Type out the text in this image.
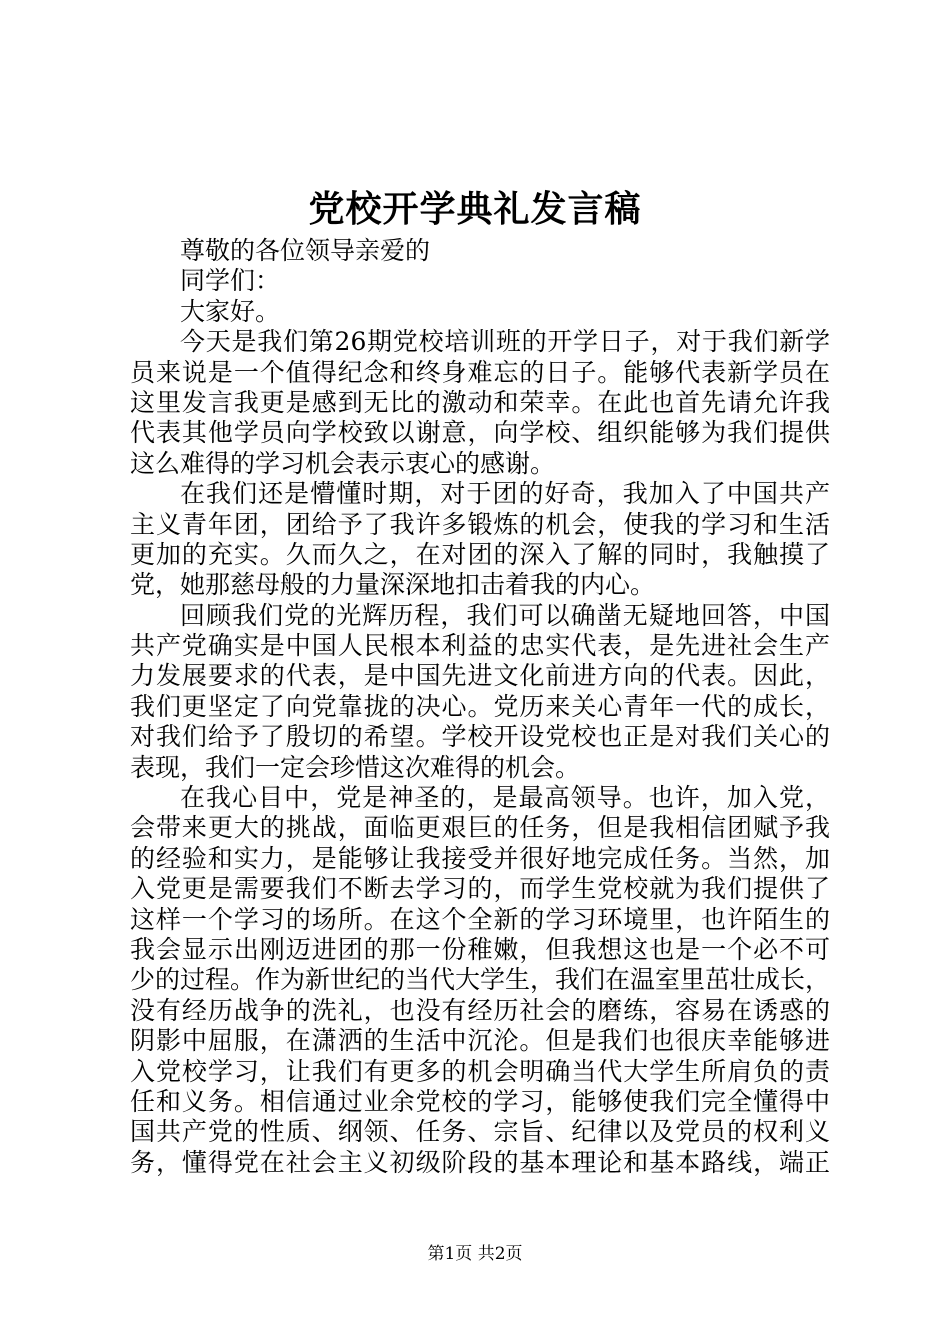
党校开学典礼发言稿
尊敬的各位领导亲爱的
同学们：
大家好。
今天是我们第26期党校培训班的开学日子，对于我们新学
员来说是一个值得纪念和终身难忘的日子。能够代表新学员在
这里发言我更是感到无比的激动和荣幸。在此也首先请允许我
代表其他学员向学校致以谢意，向学校、组织能够为我们提供
这么难得的学习机会表示衷心的感谢。
在我们还是懵懂时期，对于团的好奇，我加入了中国共产
主义青年团，团给予了我许多锻炼的机会，使我的学习和生活
更加的充实。久而久之，在对团的深入了解的同时，我触摸了
党，她那慈母般的力量深深地扣击着我的内心。
回顾我们党的光辉历程，我们可以确凿无疑地回答，中国
共产党确实是中国人民根本利益的忠实代表，是先进社会生产
力发展要求的代表，是中国先进文化前进方向的代表。因此，
我们更坚定了向党靠拢的决心。党历来关心青年一代的成长，
对我们给予了殷切的希望。学校开设党校也正是对我们关心的
表现，我们一定会珍惜这次难得的机会。
在我心目中，党是神圣的，是最高领导。也许，加入党，
会带来更大的挑战，面临更艰巨的任务，但是我相信团赋予我
的经验和实力，是能够让我接受并很好地完成任务。当然，加
入党更是需要我们不断去学习的，而学生党校就为我们提供了
这样一个学习的场所。在这个全新的学习环境里，也许陌生的
我会显示出刚迈进团的那一份稚嫩，但我想这也是一个必不可
少的过程。作为新世纪的当代大学生，我们在温室里茁壮成长，
没有经历战争的洗礼，也没有经历社会的磨练，容易在诱惑的
阴影中屈服，在潇洒的生活中沉沦。但是我们也很庆幸能够进
入党校学习，让我们有更多的机会明确当代大学生所肩负的责
任和义务。相信通过业余党校的学习，能够使我们完全懂得中
国共产党的性质、纲领、任务、宗旨、纪律以及党员的权利义
务，懂得党在社会主义初级阶段的基本理论和基本路线，端正
第1页 共2页
